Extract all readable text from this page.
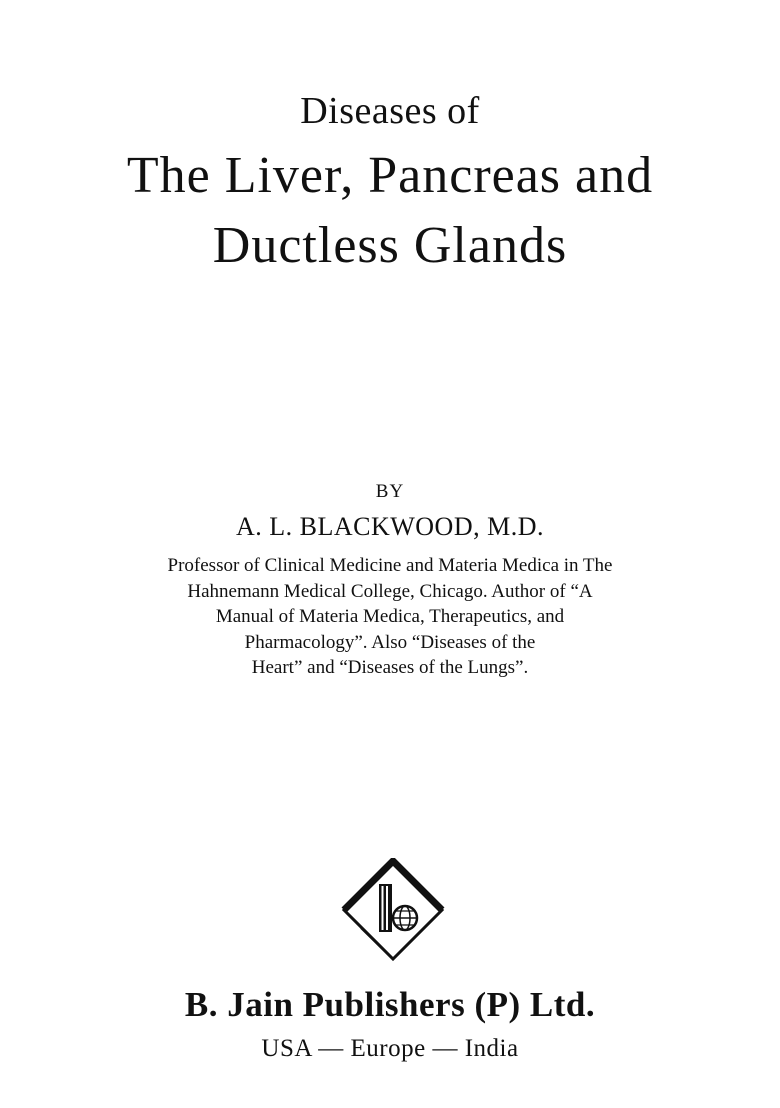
Diseases of
The Liver, Pancreas and
Ductless Glands
BY
A. L. BLACKWOOD, M.D.
Professor of Clinical Medicine and Materia Medica in The
Hahnemann Medical College, Chicago. Author of “A
Manual of Materia Medica, Therapeutics, and
Pharmacology”. Also “Diseases of the
Heart” and “Diseases of the Lungs”.
B. Jain Publishers (P) Ltd.
USA — Europe — India
